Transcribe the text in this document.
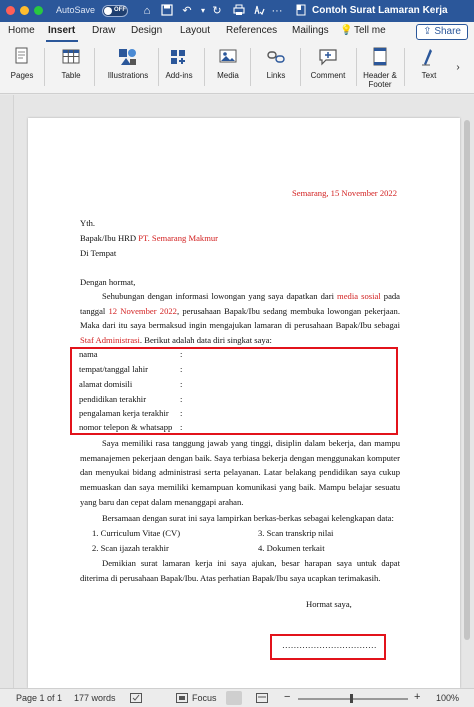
AutoSave	OFF	⌂	↶	▾ ↻	···	Contoh Surat Lamaran Kerja
Home Insert Draw Design Layout References Mailings 💡 Tell me	⇪ Share
Pages	Table	Illustrations	Add-ins	Media	Links	Comment	Header &
Footer
Text
›
Semarang, 15 November 2022
Yth.
Bapak/Ibu HRD PT. Semarang Makmur
Di Tempat
Dengan hormat,
Sehubungan dengan informasi lowongan yang saya dapatkan dari media sosial pada tanggal 12 November 2022, perusahaan Bapak/Ibu sedang membuka lowongan pekerjaan. Maka dari itu saya bermaksud ingin mengajukan lamaran di perusahaan Bapak/Ibu sebagai Staf Administrasi. Berikut adalah data diri singkat saya:
nama	:
tempat/tanggal lahir	:
alamat domisili	:
pendidikan terakhir	:
pengalaman kerja terakhir :
nomor telepon & whatsapp :
Saya memiliki rasa tanggung jawab yang tinggi, disiplin dalam bekerja, dan mampu memanajemen pekerjaan dengan baik. Saya terbiasa bekerja dengan menggunakan komputer dan menyukai bidang administrasi serta pelayanan. Latar belakang pendidikan saya cukup memuaskan dan saya memiliki kemampuan komunikasi yang baik. Mampu belajar sesuatu yang baru dan cepat dalam menanggapi arahan.
Bersamaan dengan surat ini saya lampirkan berkas-berkas sebagai kelengkapan data:
1. Curriculum Vitae (CV)	3. Scan transkrip nilai
2. Scan ijazah terakhir	4. Dokumen terkait
Demikian surat lamaran kerja ini saya ajukan, besar harapan saya untuk dapat diterima di perusahaan Bapak/Ibu. Atas perhatian Bapak/Ibu saya ucapkan terimakasih.
Hormat saya,
……………………………
Page 1 of 1 177 words	Focus	−	+ 100%
